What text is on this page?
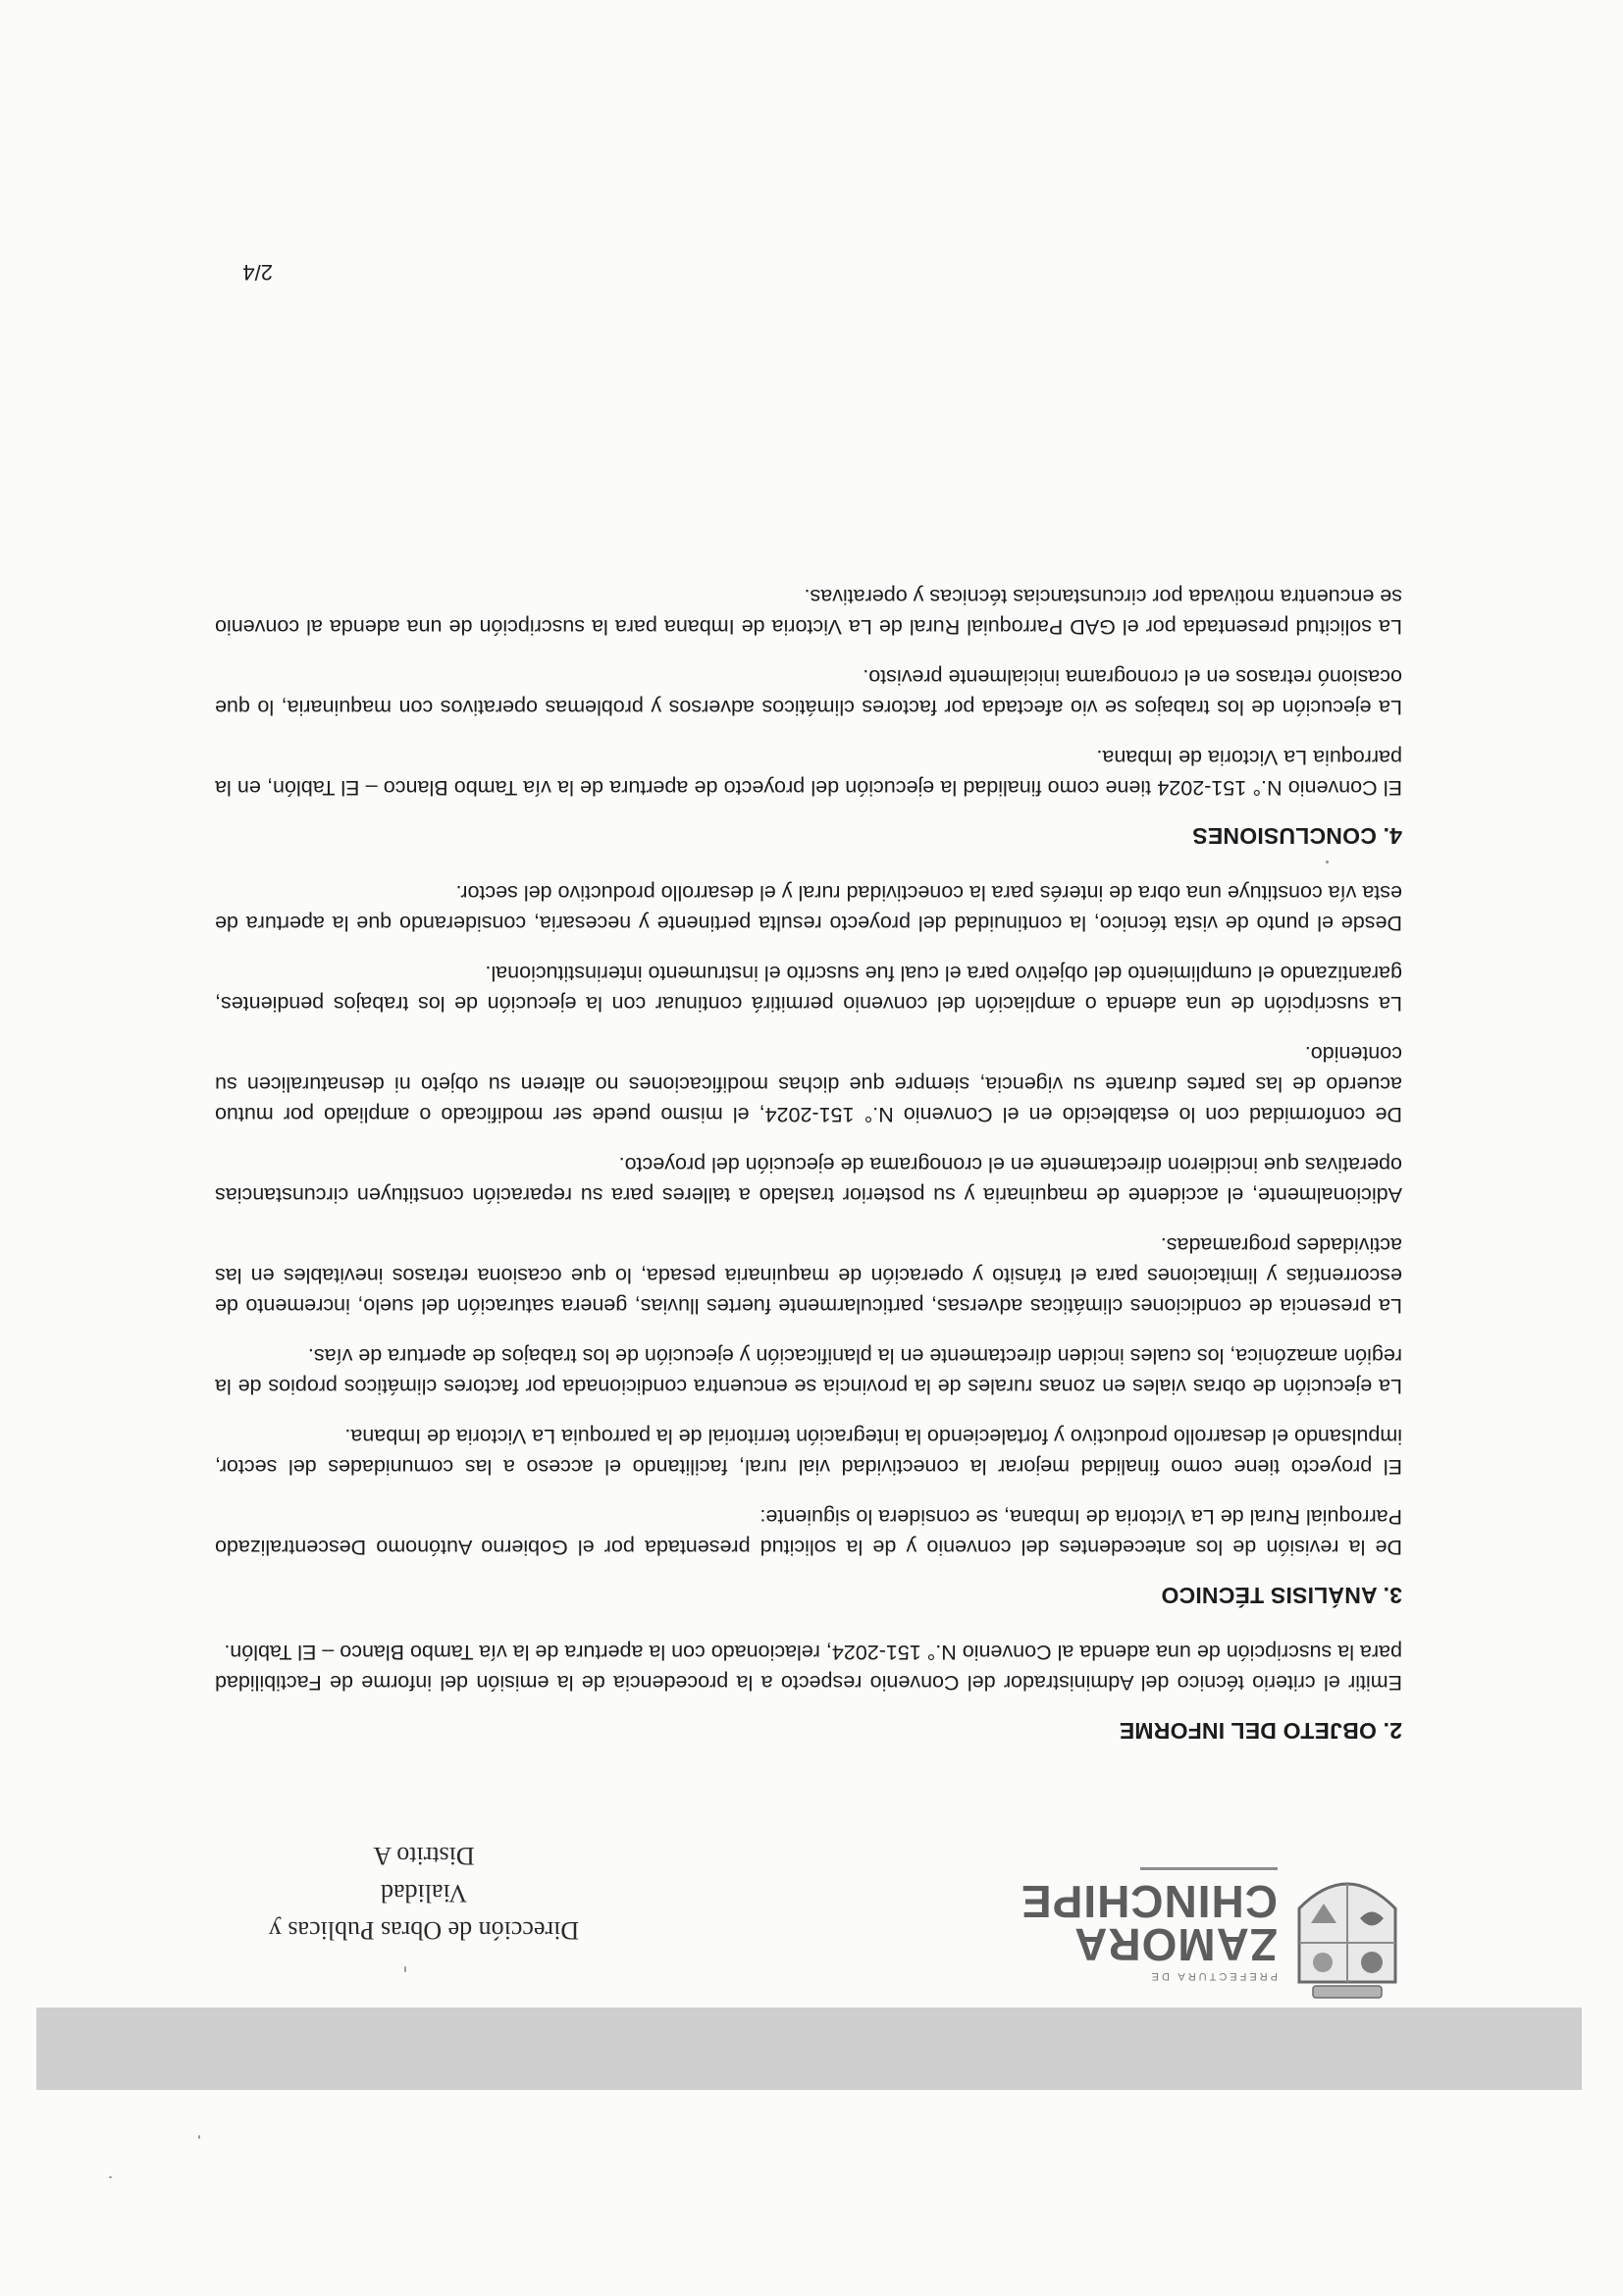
PREFECTURA DE
ZAMORA
CHINCHIPE
Dirección de Obras Publicas y Vialidad
Distrito A
2. OBJETO DEL INFORME

Emitir el criterio técnico del Administrador del Convenio respecto a la procedencia de la emisión del informe de Factibilidad para la suscripción de una adenda al Convenio N.° 151-2024, relacionado con la apertura de la vía Tambo Blanco – El Tablón.

3. ANÁLISIS TÉCNICO

De la revisión de los antecedentes del convenio y de la solicitud presentada por el Gobierno Autónomo Descentralizado Parroquial Rural de La Victoria de Imbana, se considera lo siguiente:

El proyecto tiene como finalidad mejorar la conectividad vial rural, facilitando el acceso a las comunidades del sector, impulsando el desarrollo productivo y fortaleciendo la integración territorial de la parroquia La Victoria de Imbana.

La ejecución de obras viales en zonas rurales de la provincia se encuentra condicionada por factores climáticos propios de la región amazónica, los cuales inciden directamente en la planificación y ejecución de los trabajos de apertura de vías.

La presencia de condiciones climáticas adversas, particularmente fuertes lluvias, genera saturación del suelo, incremento de escorrentías y limitaciones para el tránsito y operación de maquinaria pesada, lo que ocasiona retrasos inevitables en las actividades programadas.

Adicionalmente, el accidente de maquinaria y su posterior traslado a talleres para su reparación constituyen circunstancias operativas que incidieron directamente en el cronograma de ejecución del proyecto.

De conformidad con lo establecido en el Convenio N.° 151-2024, el mismo puede ser modificado o ampliado por mutuo acuerdo de las partes durante su vigencia, siempre que dichas modificaciones no alteren su objeto ni desnaturalicen su contenido.

La suscripción de una adenda o ampliación del convenio permitirá continuar con la ejecución de los trabajos pendientes, garantizando el cumplimiento del objetivo para el cual fue suscrito el instrumento interinstitucional.

Desde el punto de vista técnico, la continuidad del proyecto resulta pertinente y necesaria, considerando que la apertura de esta vía constituye una obra de interés para la conectividad rural y el desarrollo productivo del sector.

4. CONCLUSIONES

El Convenio N.° 151-2024 tiene como finalidad la ejecución del proyecto de apertura de la vía Tambo Blanco – El Tablón, en la parroquia La Victoria de Imbana.

La ejecución de los trabajos se vio afectada por factores climáticos adversos y problemas operativos con maquinaria, lo que ocasionó retrasos en el cronograma inicialmente previsto.

La solicitud presentada por el GAD Parroquial Rural de La Victoria de Imbana para la suscripción de una adenda al convenio se encuentra motivada por circunstancias técnicas y operativas.

2/4
